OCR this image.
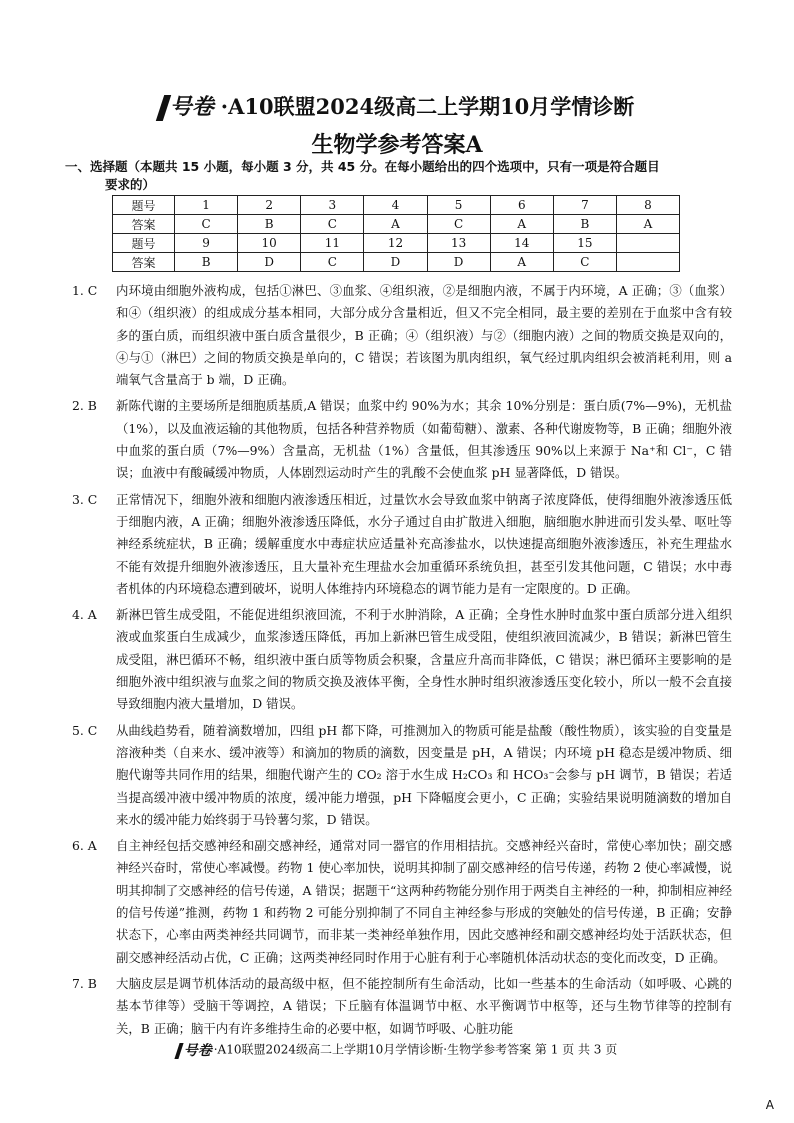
号卷 ·A10联盟2024级高二上学期10月学情诊断
生物学参考答案A
一、选择题（本题共 15 小题，每小题 3 分，共 45 分。在每小题给出的四个选项中，只有一项是符合题目
要求的）
题号	1	2	3	4	5	6	7	8
答案	C	B	C	A	C	A	B	A
题号	9	10	11	12	13	14	15	
答案	B	D	C	D	D	A	C	
1. C	内环境由细胞外液构成，包括①淋巴、③血浆、④组织液，②是细胞内液，不属于内环境，A 正确；③（血浆）和④（组织液）的组成成分基本相同，大部分成分含量相近，但又不完全相同，最主要的差别在于血浆中含有较多的蛋白质，而组织液中蛋白质含量很少，B 正确；④（组织液）与②（细胞内液）之间的物质交换是双向的，④与①（淋巴）之间的物质交换是单向的，C 错误；若该图为肌肉组织，氧气经过肌肉组织会被消耗利用，则 a 端氧气含量高于 b 端，D 正确。
2. B	新陈代谢的主要场所是细胞质基质,A 错误；血浆中约 90%为水；其余 10%分别是：蛋白质(7%—9%)，无机盐（1%），以及血液运输的其他物质，包括各种营养物质（如葡萄糖）、激素、各种代谢废物等，B 正确；细胞外液中血浆的蛋白质（7%—9%）含量高，无机盐（1%）含量低，但其渗透压 90%以上来源于 Na⁺和 Cl⁻，C 错误；血液中有酸碱缓冲物质，人体剧烈运动时产生的乳酸不会使血浆 pH 显著降低，D 错误。
3. C	正常情况下，细胞外液和细胞内液渗透压相近，过量饮水会导致血浆中钠离子浓度降低，使得细胞外液渗透压低于细胞内液，A 正确；细胞外液渗透压降低，水分子通过自由扩散进入细胞，脑细胞水肿进而引发头晕、呕吐等神经系统症状，B 正确；缓解重度水中毒症状应适量补充高渗盐水，以快速提高细胞外液渗透压，补充生理盐水不能有效提升细胞外液渗透压，且大量补充生理盐水会加重循环系统负担，甚至引发其他问题，C 错误；水中毒者机体的内环境稳态遭到破坏，说明人体维持内环境稳态的调节能力是有一定限度的。D 正确。
4. A	新淋巴管生成受阻，不能促进组织液回流，不利于水肿消除，A 正确；全身性水肿时血浆中蛋白质部分进入组织液或血浆蛋白生成减少，血浆渗透压降低，再加上新淋巴管生成受阻，使组织液回流减少，B 错误；新淋巴管生成受阻，淋巴循环不畅，组织液中蛋白质等物质会积聚，含量应升高而非降低，C 错误；淋巴循环主要影响的是细胞外液中组织液与血浆之间的物质交换及液体平衡，全身性水肿时组织液渗透压变化较小，所以一般不会直接导致细胞内液大量增加，D 错误。
5. C	从曲线趋势看，随着滴数增加，四组 pH 都下降，可推测加入的物质可能是盐酸（酸性物质），该实验的自变量是溶液种类（自来水、缓冲液等）和滴加的物质的滴数，因变量是 pH，A 错误；内环境 pH 稳态是缓冲物质、细胞代谢等共同作用的结果，细胞代谢产生的 CO₂ 溶于水生成 H₂CO₃ 和 HCO₃⁻会参与 pH 调节，B 错误；若适当提高缓冲液中缓冲物质的浓度，缓冲能力增强，pH 下降幅度会更小，C 正确；实验结果说明随滴数的增加自来水的缓冲能力始终弱于马铃薯匀浆，D 错误。
6. A	自主神经包括交感神经和副交感神经，通常对同一器官的作用相拮抗。交感神经兴奋时，常使心率加快；副交感神经兴奋时，常使心率减慢。药物 1 使心率加快，说明其抑制了副交感神经的信号传递，药物 2 使心率减慢，说明其抑制了交感神经的信号传递，A 错误；据题干“这两种药物能分别作用于两类自主神经的一种，抑制相应神经的信号传递”推测，药物 1 和药物 2 可能分别抑制了不同自主神经参与形成的突触处的信号传递，B 正确；安静状态下，心率由两类神经共同调节，而非某一类神经单独作用，因此交感神经和副交感神经均处于活跃状态，但副交感神经活动占优，C 正确；这两类神经同时作用于心脏有利于心率随机体活动状态的变化而改变，D 正确。
7. B	大脑皮层是调节机体活动的最高级中枢，但不能控制所有生命活动，比如一些基本的生命活动（如呼吸、心跳的基本节律等）受脑干等调控，A 错误；下丘脑有体温调节中枢、水平衡调节中枢等，还与生物节律等的控制有关，B 正确；脑干内有许多维持生命的必要中枢，如调节呼吸、心脏功能
号卷 ·A10联盟2024级高二上学期10月学情诊断·生物学参考答案 第 1 页 共 3 页
A
